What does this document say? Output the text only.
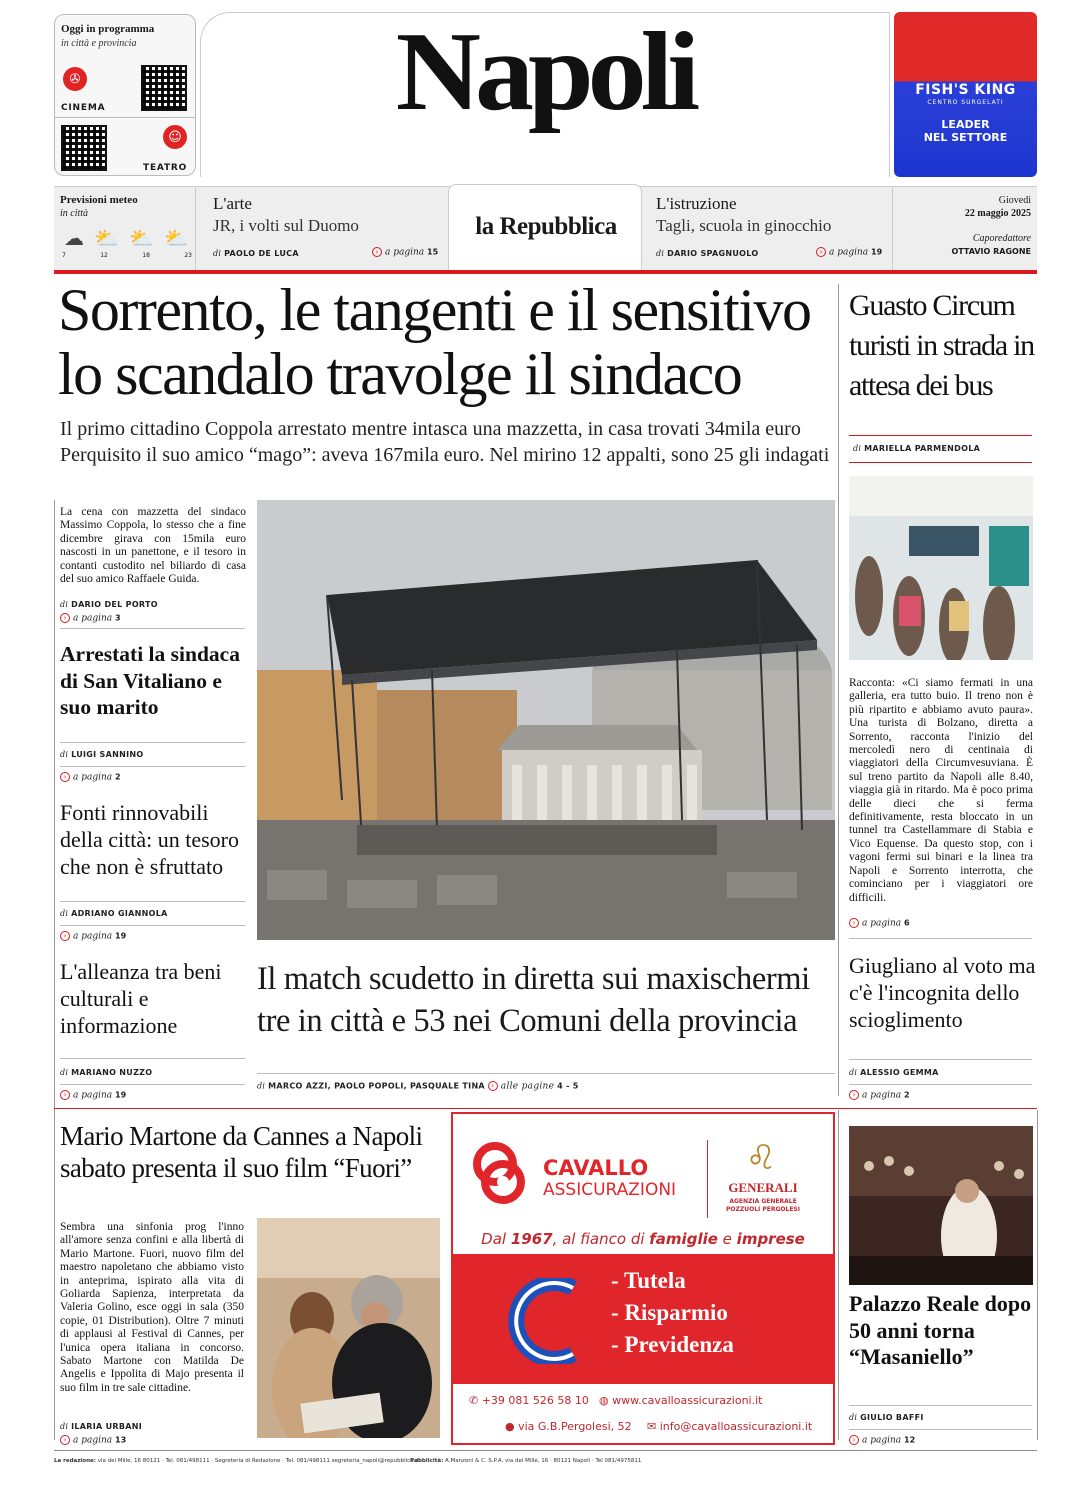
Oggi in programma
in città e provincia
✇
CINEMA
☺
TEATRO
Napoli	FISH'S KING
CENTRO SURGELATI
LEADER
NEL SETTORE
Previsioni meteo
in città
☁ ⛅ ⛅ ⛅
7	12	18	23
L'arte
JR, i volti sul Duomo
di PAOLO DE LUCA	› a pagina 15
la Repubblica
L'istruzione
Tagli, scuola in ginocchio
di DARIO SPAGNUOLO	› a pagina 19
Giovedì
22 maggio 2025
Caporedattore
OTTAVIO RAGONE
Sorrento, le tangenti e il sensitivo
lo scandalo travolge il sindaco
Il primo cittadino Coppola arrestato mentre intasca una mazzetta, in casa trovati 34mila euro
Perquisito il suo amico “mago”: aveva 167mila euro. Nel mirino 12 appalti, sono 25 gli indagati
La cena con mazzetta del sindaco Massimo Coppola, lo stesso che a fine dicembre girava con 15mila euro nascosti in un panettone, e il tesoro in contanti custodito nel biliardo di casa del suo amico Raffaele Guida.
di DARIO DEL PORTO
› a pagina 3
Arrestati la sindaca di San Vitaliano e suo marito
di LUIGI SANNINO
› a pagina 2
Fonti rinnovabili della città: un tesoro che non è sfruttato
di ADRIANO GIANNOLA
› a pagina 19
L'alleanza tra beni culturali e informazione
di MARIANO NUZZO
› a pagina 19
Il match scudetto in diretta sui maxischermi
tre in città e 53 nei Comuni della provincia
di MARCO AZZI, PAOLO POPOLI, PASQUALE TINA › alle pagine 4 - 5
Guasto Circum turisti in strada in attesa dei bus
di MARIELLA PARMENDOLA
Racconta: «Ci siamo fermati in una galleria, era tutto buio. Il treno non è più ripartito e abbiamo avuto paura». Una turista di Bolzano, diretta a Sorrento, racconta l'inizio del mercoledì nero di centinaia di viaggiatori della Circumvesuviana. È sul treno partito da Napoli alle 8.40, viaggia già in ritardo. Ma è poco prima delle dieci che si ferma definitivamente, resta bloccato in un tunnel tra Castellammare di Stabia e Vico Equense. Da questo stop, con i vagoni fermi sui binari e la linea tra Napoli e Sorrento interrotta, che cominciano per i viaggiatori ore difficili.
› a pagina 6
Giugliano al voto ma c'è l'incognita dello scioglimento
di ALESSIO GEMMA
› a pagina 2
Palazzo Reale dopo 50 anni torna “Masaniello”
di GIULIO BAFFI
› a pagina 12
Mario Martone da Cannes a Napoli sabato presenta il suo film “Fuori”
Sembra una sinfonia prog l'inno all'amore senza confini e alla libertà di Mario Martone. Fuori, nuovo film del maestro napoletano che abbiamo visto in anteprima, ispirato alla vita di Goliarda Sapienza, interpretata da Valeria Golino, esce oggi in sala (350 copie, 01 Distribution). Oltre 7 minuti di applausi al Festival di Cannes, per l'unica opera italiana in concorso. Sabato Martone con Matilda De Angelis e Ippolita di Majo presenta il suo film in tre sale cittadine.
di ILARIA URBANI
› a pagina 13
CAVALLO
ASSICURAZIONI
♌
GENERALI
AGENZIA GENERALE POZZUOLI PERGOLESI
Dal 1967, al fianco di famiglie e imprese
- Tutela
- Risparmio
- Previdenza
✆ +39 081 526 58 10 ◍ www.cavalloassicurazioni.it
● via G.B.Pergolesi, 52 ✉ info@cavalloassicurazioni.it
La redazione: via dei Mille, 16 80121 · Tel. 081/498111 · Segreteria di Redazione · Tel. 081/498111 segreteria_napoli@repubblica.it
Pubblicità: A.Manzoni & C. S.P.A. via dei Mille, 16 · 80121 Napoli · Tel 081/4975811
